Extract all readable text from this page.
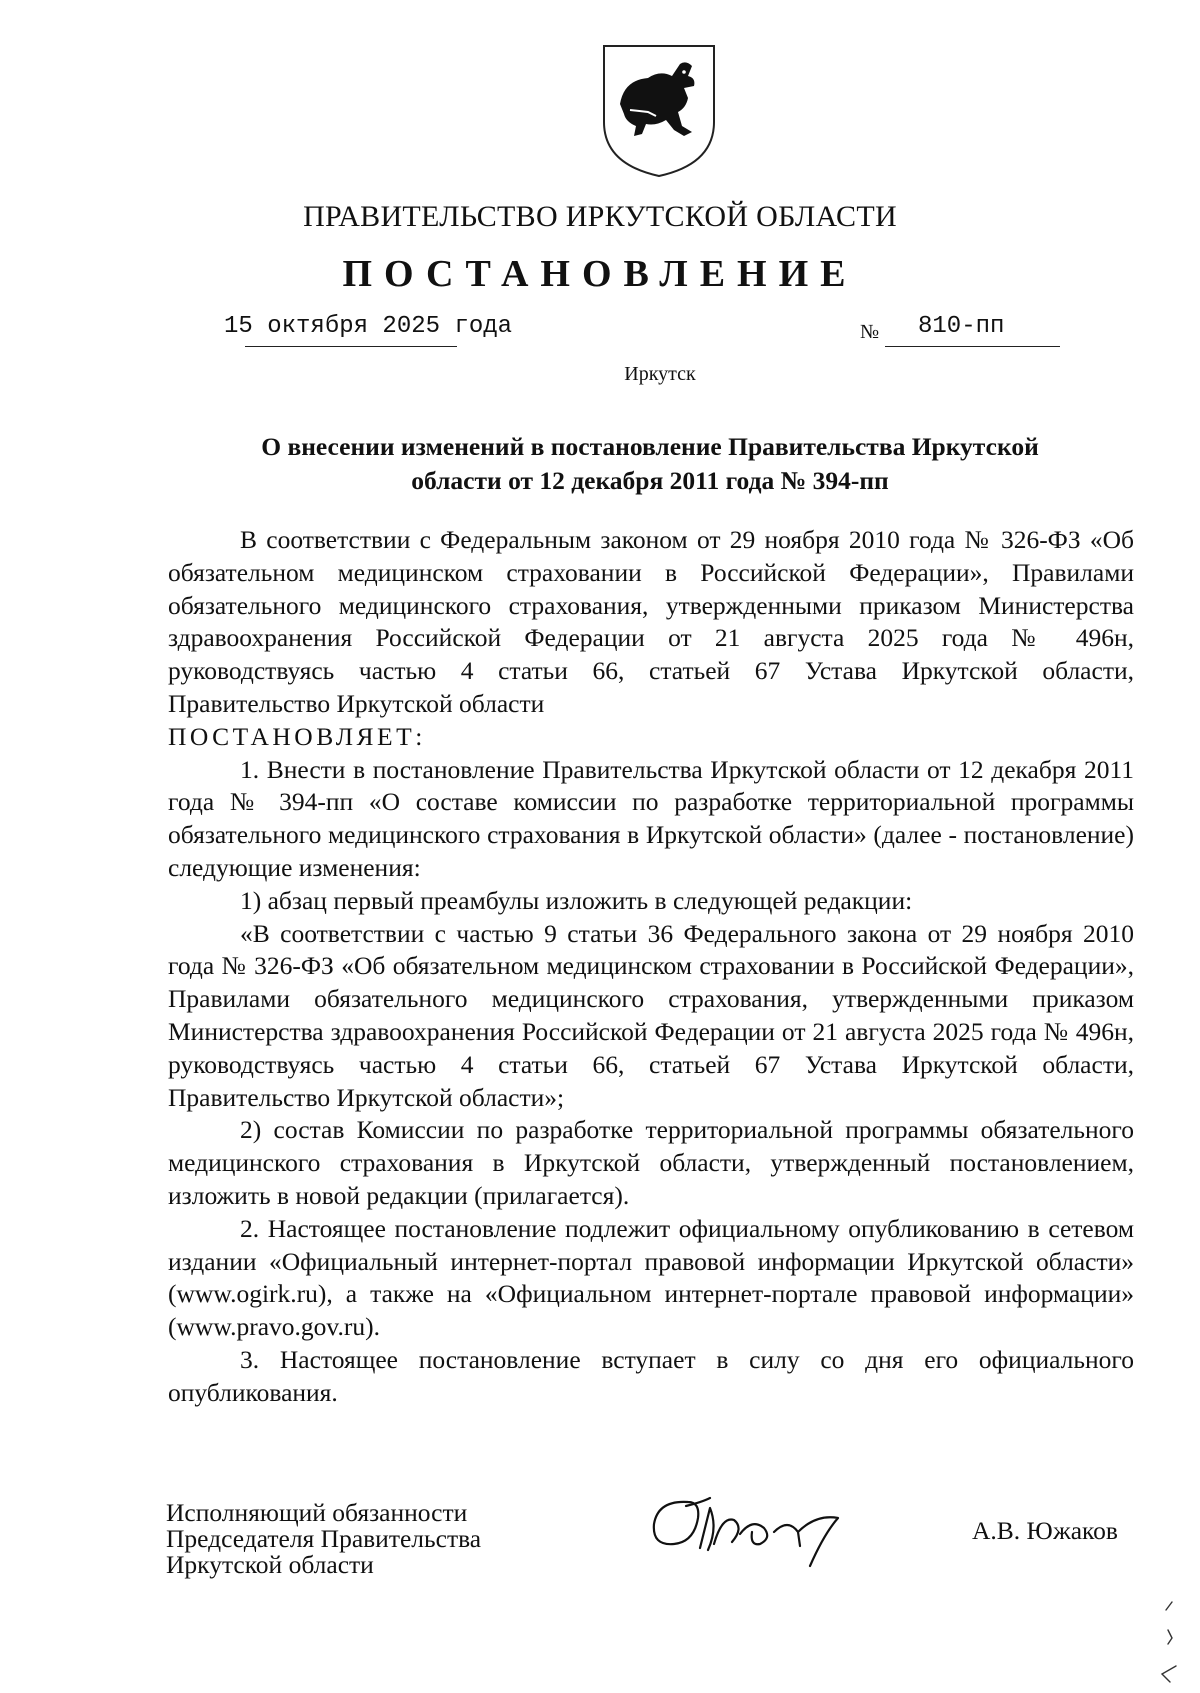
ПРАВИТЕЛЬСТВО ИРКУТСКОЙ ОБЛАСТИ
ПОСТАНОВЛЕНИЕ
15 октября 2025 года	№ 810-пп
Иркутск
О внесении изменений в постановление Правительства Иркутской
области от 12 декабря 2011 года № 394-пп

В соответствии с Федеральным законом от 29 ноября 2010 года № 326-ФЗ «Об обязательном медицинском страховании в Российской Федерации», Правилами обязательного медицинского страхования, утвержденными приказом Министерства здравоохранения Российской Федерации от 21 августа 2025 года № 496н, руководствуясь частью 4 статьи 66, статьей 67 Устава Иркутской области, Правительство Иркутской области

ПОСТАНОВЛЯЕТ:

1. Внести в постановление Правительства Иркутской области от 12 декабря 2011 года № 394-пп «О составе комиссии по разработке территориальной программы обязательного медицинского страхования в Иркутской области» (далее - постановление) следующие изменения:

1) абзац первый преамбулы изложить в следующей редакции:

«В соответствии с частью 9 статьи 36 Федерального закона от 29 ноября 2010 года № 326-ФЗ «Об обязательном медицинском страховании в Российской Федерации», Правилами обязательного медицинского страхования, утвержденными приказом Министерства здравоохранения Российской Федерации от 21 августа 2025 года № 496н, руководствуясь частью 4 статьи 66, статьей 67 Устава Иркутской области, Правительство Иркутской области»;

2) состав Комиссии по разработке территориальной программы обязательного медицинского страхования в Иркутской области, утвержденный постановлением, изложить в новой редакции (прилагается).

2. Настоящее постановление подлежит официальному опубликованию в сетевом издании «Официальный интернет-портал правовой информации Иркутской области» (www.ogirk.ru), а также на «Официальном интернет-портале правовой информации» (www.pravo.gov.ru).

3. Настоящее постановление вступает в силу со дня его официального опубликования.

Исполняющий обязанности
Председателя Правительства
Иркутской области
А.В. Южаков
